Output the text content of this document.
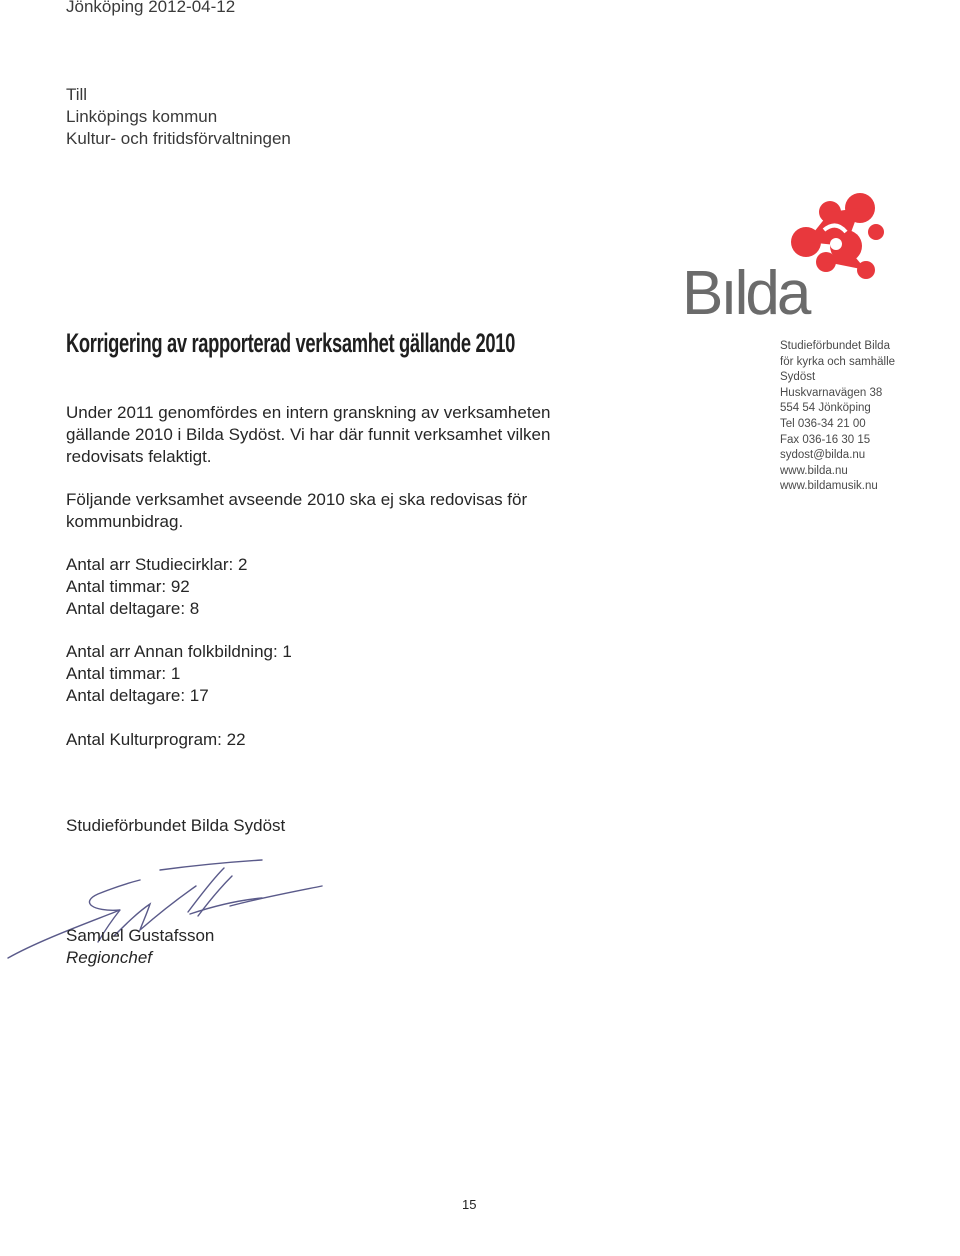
Jönköping 2012-04-12
Till
Linköpings kommun
Kultur- och fritidsförvaltningen
Bılda
Studieförbundet Bilda
för kyrka och samhälle
Sydöst
Huskvarnavägen 38
554 54 Jönköping
Tel 036-34 21 00
Fax 036-16 30 15
sydost@bilda.nu
www.bilda.nu
www.bildamusik.nu
Korrigering av rapporterad verksamhet gällande 2010
Under 2011 genomfördes en intern granskning av verksamheten gällande 2010 i Bilda Sydöst. Vi har där funnit verksamhet vilken redovisats felaktigt.
Följande verksamhet avseende 2010 ska ej ska redovisas för kommunbidrag.
Antal arr Studiecirklar: 2
Antal timmar: 92
Antal deltagare: 8
Antal arr Annan folkbildning: 1
Antal timmar: 1
Antal deltagare: 17
Antal Kulturprogram: 22
Studieförbundet Bilda Sydöst
Samuel Gustafsson
Regionchef
15
